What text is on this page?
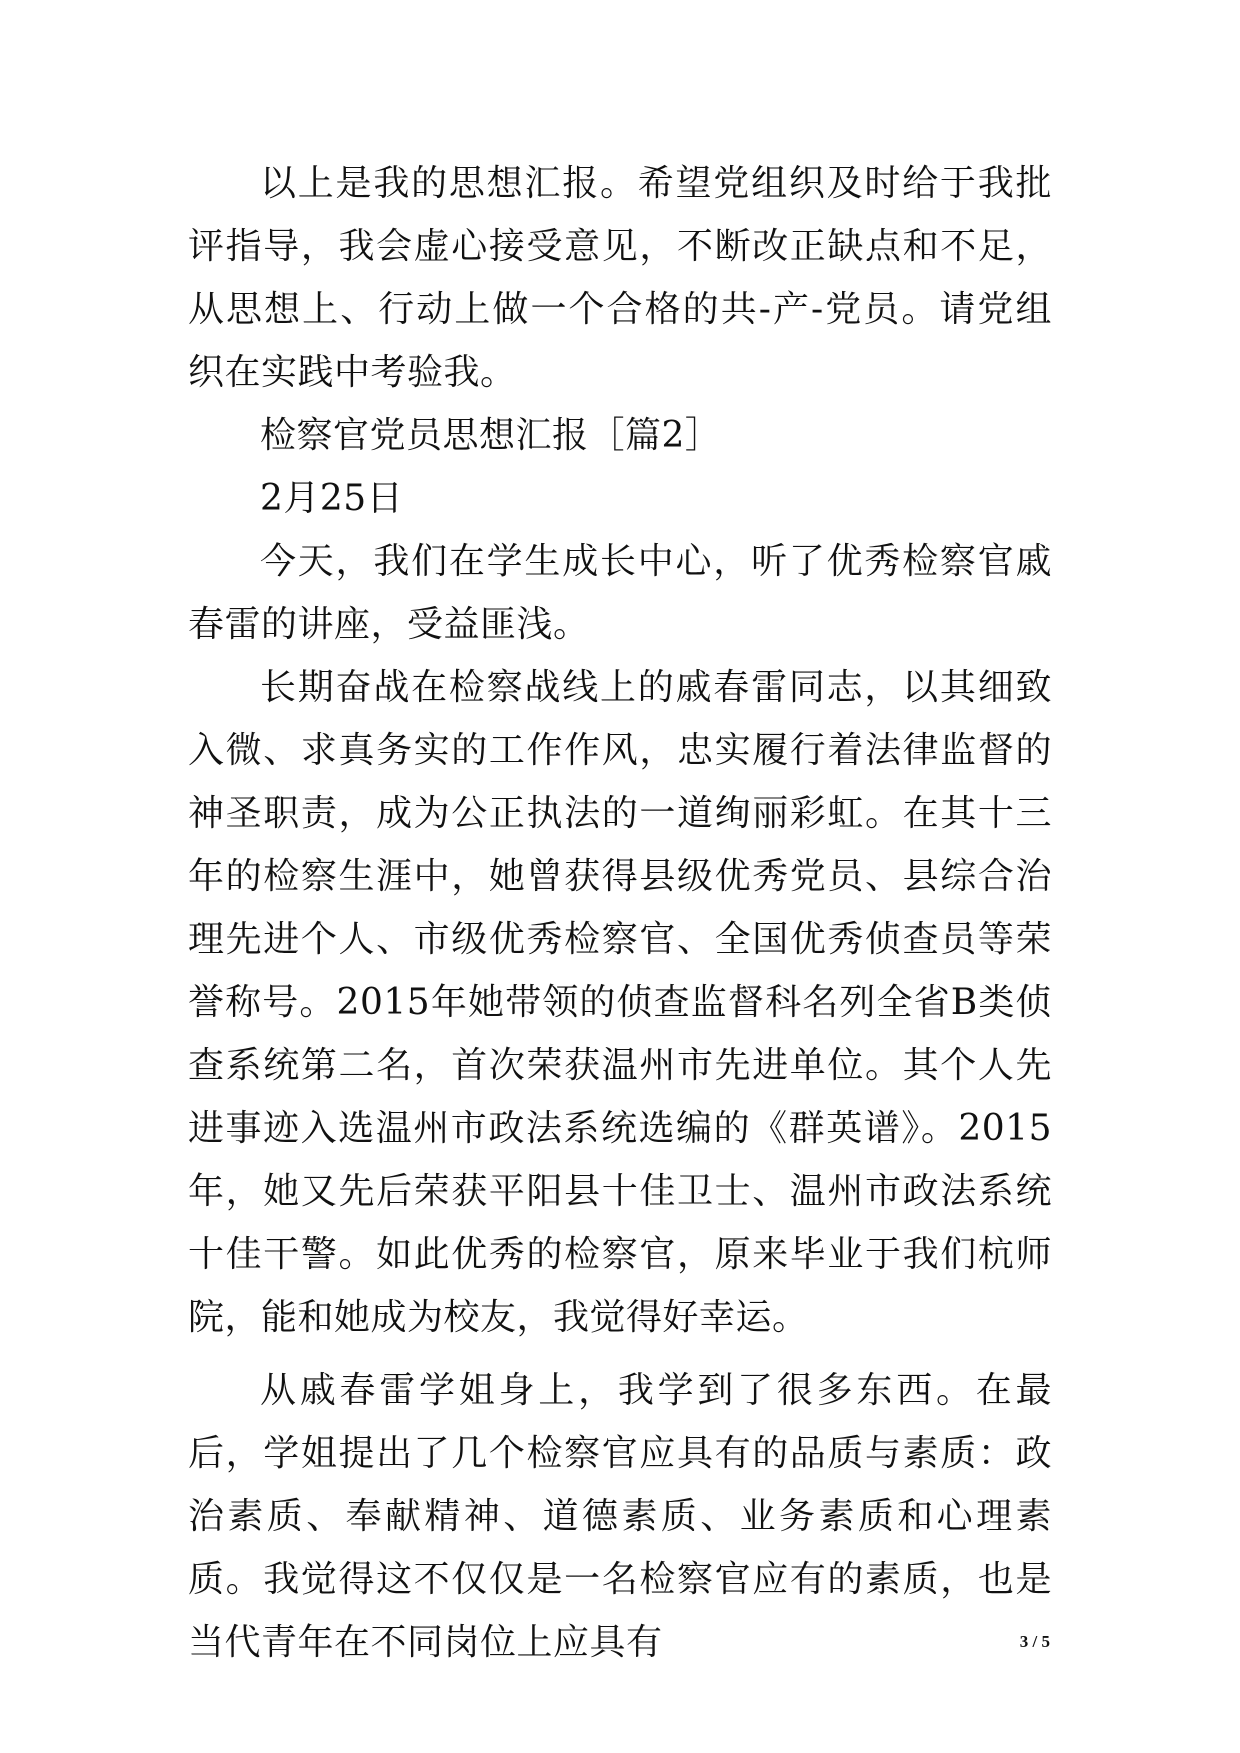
以上是我的思想汇报。希望党组织及时给于我批评指导，我会虚心接受意见，不断改正缺点和不足，从思想上、行动上做一个合格的共-产-党员。请党组织在实践中考验我。

检察官党员思想汇报［篇2］

2月25日

今天，我们在学生成长中心，听了优秀检察官戚春雷的讲座，受益匪浅。

长期奋战在检察战线上的戚春雷同志，以其细致入微、求真务实的工作作风，忠实履行着法律监督的神圣职责，成为公正执法的一道绚丽彩虹。在其十三年的检察生涯中，她曾获得县级优秀党员、县综合治理先进个人、市级优秀检察官、全国优秀侦查员等荣誉称号。2015年她带领的侦查监督科名列全省B类侦查系统第二名，首次荣获温州市先进单位。其个人先进事迹入选温州市政法系统选编的《群英谱》。2015年，她又先后荣获平阳县十佳卫士、温州市政法系统十佳干警。如此优秀的检察官，原来毕业于我们杭师院，能和她成为校友，我觉得好幸运。

从戚春雷学姐身上，我学到了很多东西。在最后，学姐提出了几个检察官应具有的品质与素质：政治素质、奉献精神、道德素质、业务素质和心理素质。我觉得这不仅仅是一名检察官应有的素质，也是当代青年在不同岗位上应具有	3 / 5
